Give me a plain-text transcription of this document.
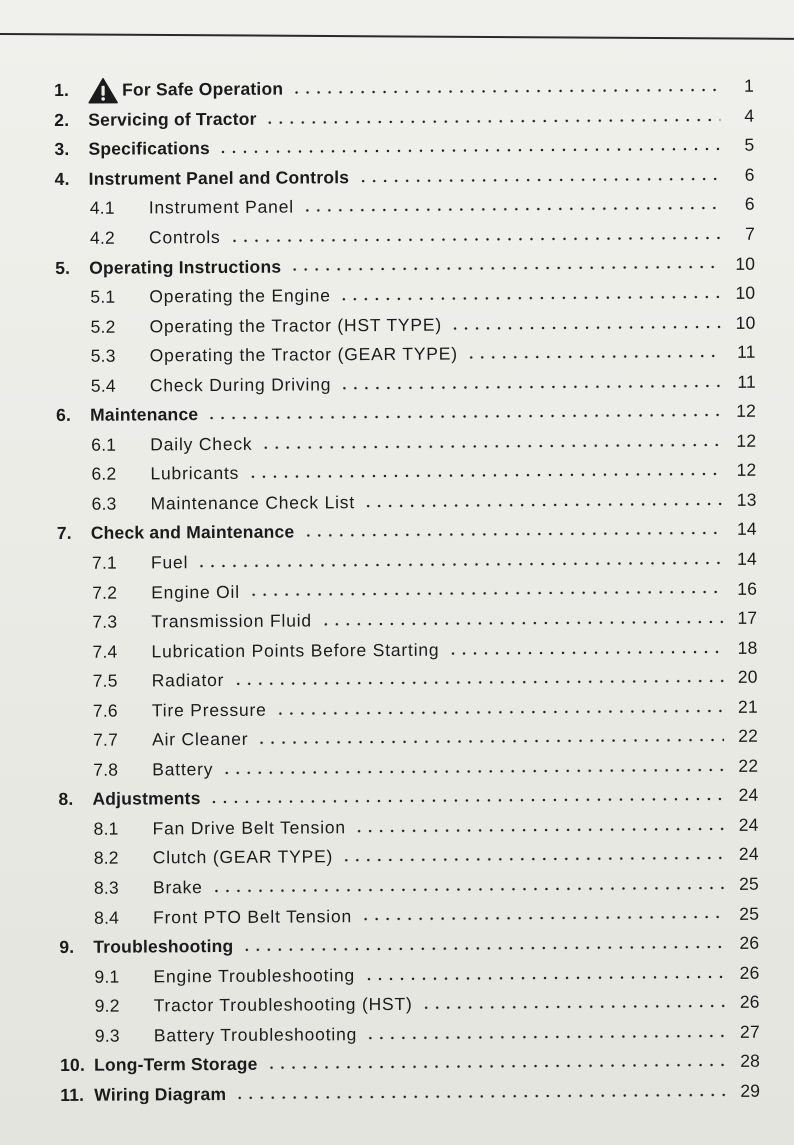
1.	For Safe Operation	1
2.	Servicing of Tractor	4
3.	Specifications	5
4.	Instrument Panel and Controls	6
4.1	Instrument Panel	6
4.2	Controls	7
5.	Operating Instructions	10
5.1	Operating the Engine	10
5.2	Operating the Tractor (HST TYPE)	10
5.3	Operating the Tractor (GEAR TYPE)	11
5.4	Check During Driving	11
6.	Maintenance	12
6.1	Daily Check	12
6.2	Lubricants	12
6.3	Maintenance Check List	13
7.	Check and Maintenance	14
7.1	Fuel	14
7.2	Engine Oil	16
7.3	Transmission Fluid	17
7.4	Lubrication Points Before Starting	18
7.5	Radiator	20
7.6	Tire Pressure	21
7.7	Air Cleaner	22
7.8	Battery	22
8.	Adjustments	24
8.1	Fan Drive Belt Tension	24
8.2	Clutch (GEAR TYPE)	24
8.3	Brake	25
8.4	Front PTO Belt Tension	25
9.	Troubleshooting	26
9.1	Engine Troubleshooting	26
9.2	Tractor Troubleshooting (HST)	26
9.3	Battery Troubleshooting	27
10. Long-Term Storage	28
11. Wiring Diagram	29
